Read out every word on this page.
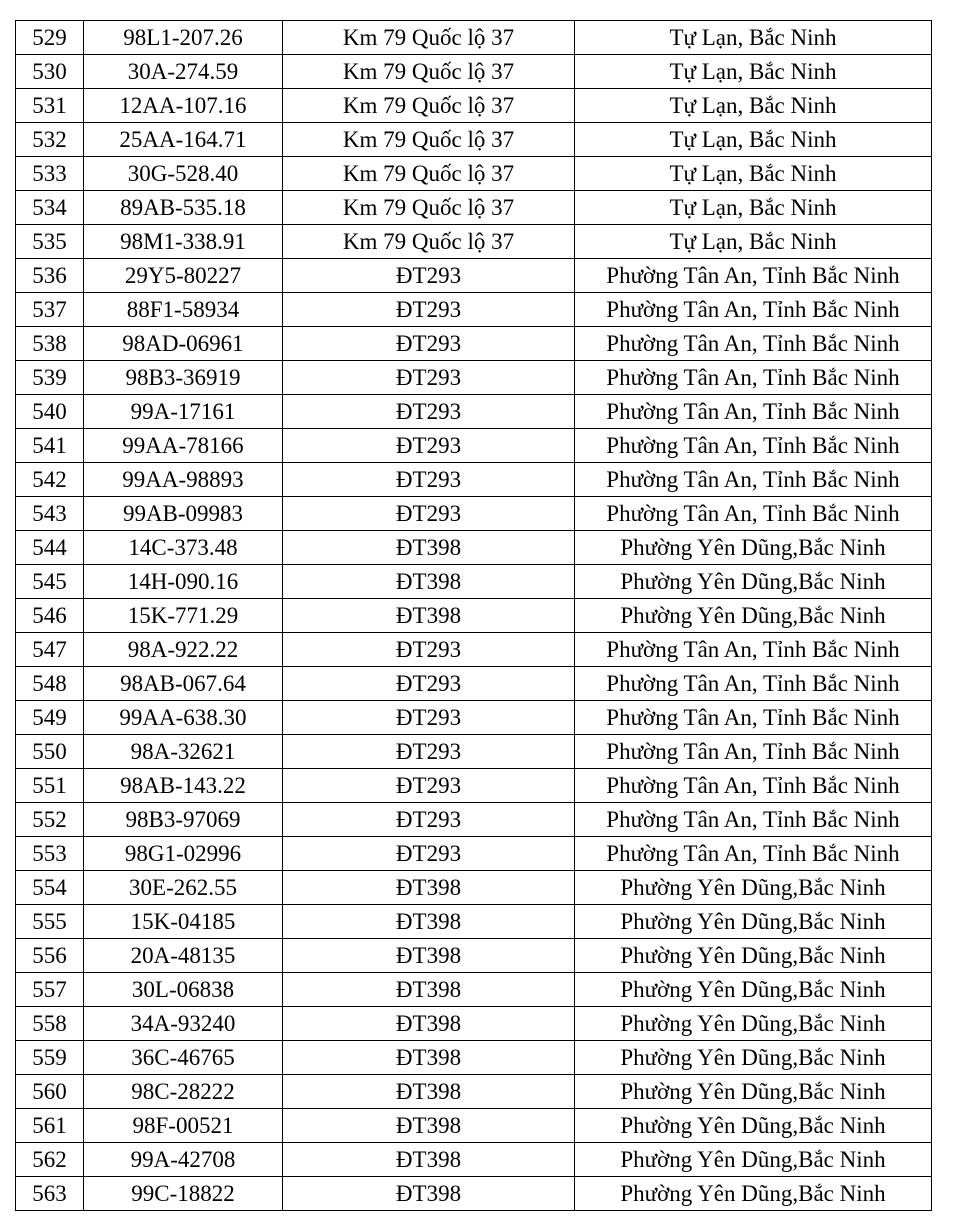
529	98L1-207.26	Km 79 Quốc lộ 37	Tự Lạn, Bắc Ninh
530	30A-274.59	Km 79 Quốc lộ 37	Tự Lạn, Bắc Ninh
531	12AA-107.16	Km 79 Quốc lộ 37	Tự Lạn, Bắc Ninh
532	25AA-164.71	Km 79 Quốc lộ 37	Tự Lạn, Bắc Ninh
533	30G-528.40	Km 79 Quốc lộ 37	Tự Lạn, Bắc Ninh
534	89AB-535.18	Km 79 Quốc lộ 37	Tự Lạn, Bắc Ninh
535	98M1-338.91	Km 79 Quốc lộ 37	Tự Lạn, Bắc Ninh
536	29Y5-80227	ĐT293	Phường Tân An, Tỉnh Bắc Ninh
537	88F1-58934	ĐT293	Phường Tân An, Tỉnh Bắc Ninh
538	98AD-06961	ĐT293	Phường Tân An, Tỉnh Bắc Ninh
539	98B3-36919	ĐT293	Phường Tân An, Tỉnh Bắc Ninh
540	99A-17161	ĐT293	Phường Tân An, Tỉnh Bắc Ninh
541	99AA-78166	ĐT293	Phường Tân An, Tỉnh Bắc Ninh
542	99AA-98893	ĐT293	Phường Tân An, Tỉnh Bắc Ninh
543	99AB-09983	ĐT293	Phường Tân An, Tỉnh Bắc Ninh
544	14C-373.48	ĐT398	Phường Yên Dũng,Bắc Ninh
545	14H-090.16	ĐT398	Phường Yên Dũng,Bắc Ninh
546	15K-771.29	ĐT398	Phường Yên Dũng,Bắc Ninh
547	98A-922.22	ĐT293	Phường Tân An, Tỉnh Bắc Ninh
548	98AB-067.64	ĐT293	Phường Tân An, Tỉnh Bắc Ninh
549	99AA-638.30	ĐT293	Phường Tân An, Tỉnh Bắc Ninh
550	98A-32621	ĐT293	Phường Tân An, Tỉnh Bắc Ninh
551	98AB-143.22	ĐT293	Phường Tân An, Tỉnh Bắc Ninh
552	98B3-97069	ĐT293	Phường Tân An, Tỉnh Bắc Ninh
553	98G1-02996	ĐT293	Phường Tân An, Tỉnh Bắc Ninh
554	30E-262.55	ĐT398	Phường Yên Dũng,Bắc Ninh
555	15K-04185	ĐT398	Phường Yên Dũng,Bắc Ninh
556	20A-48135	ĐT398	Phường Yên Dũng,Bắc Ninh
557	30L-06838	ĐT398	Phường Yên Dũng,Bắc Ninh
558	34A-93240	ĐT398	Phường Yên Dũng,Bắc Ninh
559	36C-46765	ĐT398	Phường Yên Dũng,Bắc Ninh
560	98C-28222	ĐT398	Phường Yên Dũng,Bắc Ninh
561	98F-00521	ĐT398	Phường Yên Dũng,Bắc Ninh
562	99A-42708	ĐT398	Phường Yên Dũng,Bắc Ninh
563	99C-18822	ĐT398	Phường Yên Dũng,Bắc Ninh
